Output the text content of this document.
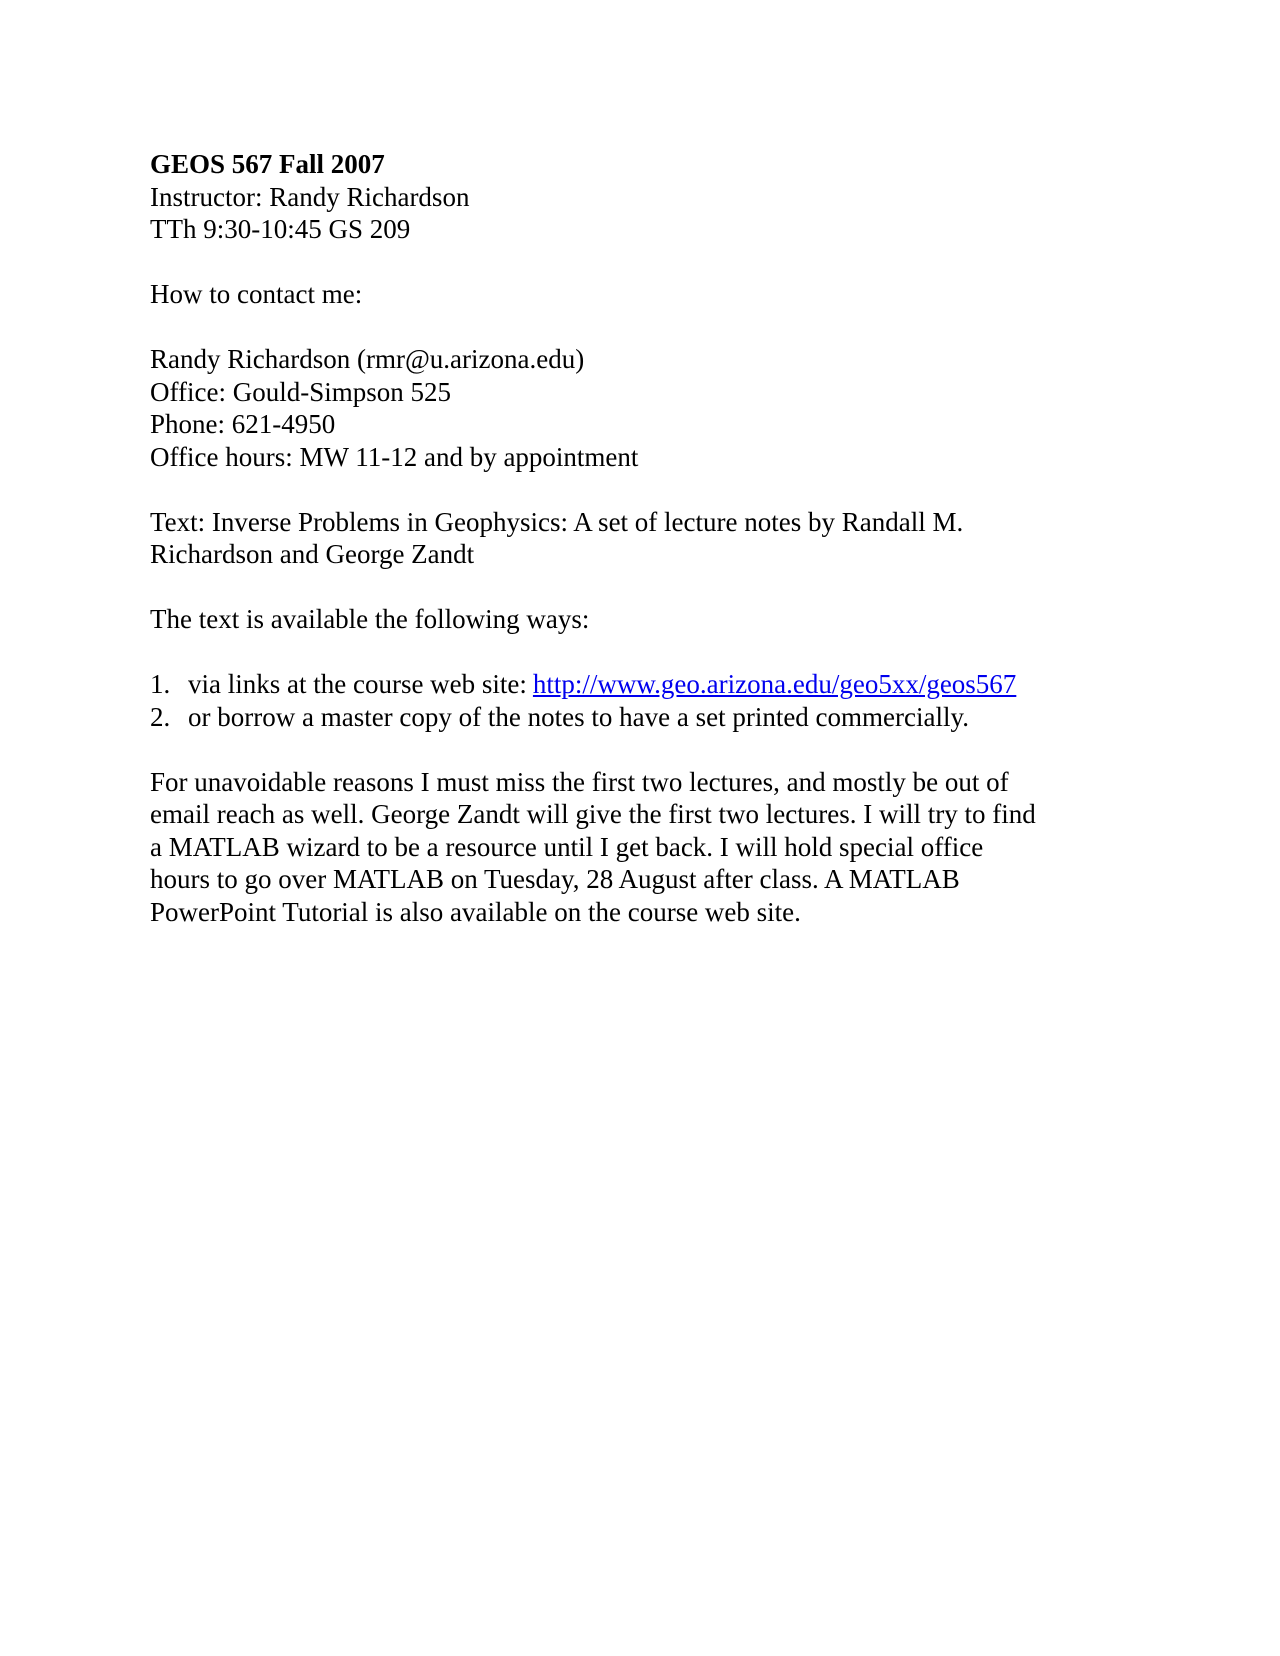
GEOS 567 Fall 2007
Instructor: Randy Richardson
TTh 9:30-10:45 GS 209
How to contact me:
Randy Richardson (rmr@u.arizona.edu)
Office: Gould-Simpson 525
Phone: 621-4950
Office hours: MW 11-12 and by appointment
Text: Inverse Problems in Geophysics: A set of lecture notes by Randall M.
Richardson and George Zandt
The text is available the following ways:
1. via links at the course web site: http://www.geo.arizona.edu/geo5xx/geos567
2. or borrow a master copy of the notes to have a set printed commercially.
For unavoidable reasons I must miss the first two lectures, and mostly be out of
email reach as well. George Zandt will give the first two lectures. I will try to find
a MATLAB wizard to be a resource until I get back. I will hold special office
hours to go over MATLAB on Tuesday, 28 August after class. A MATLAB
PowerPoint Tutorial is also available on the course web site.
